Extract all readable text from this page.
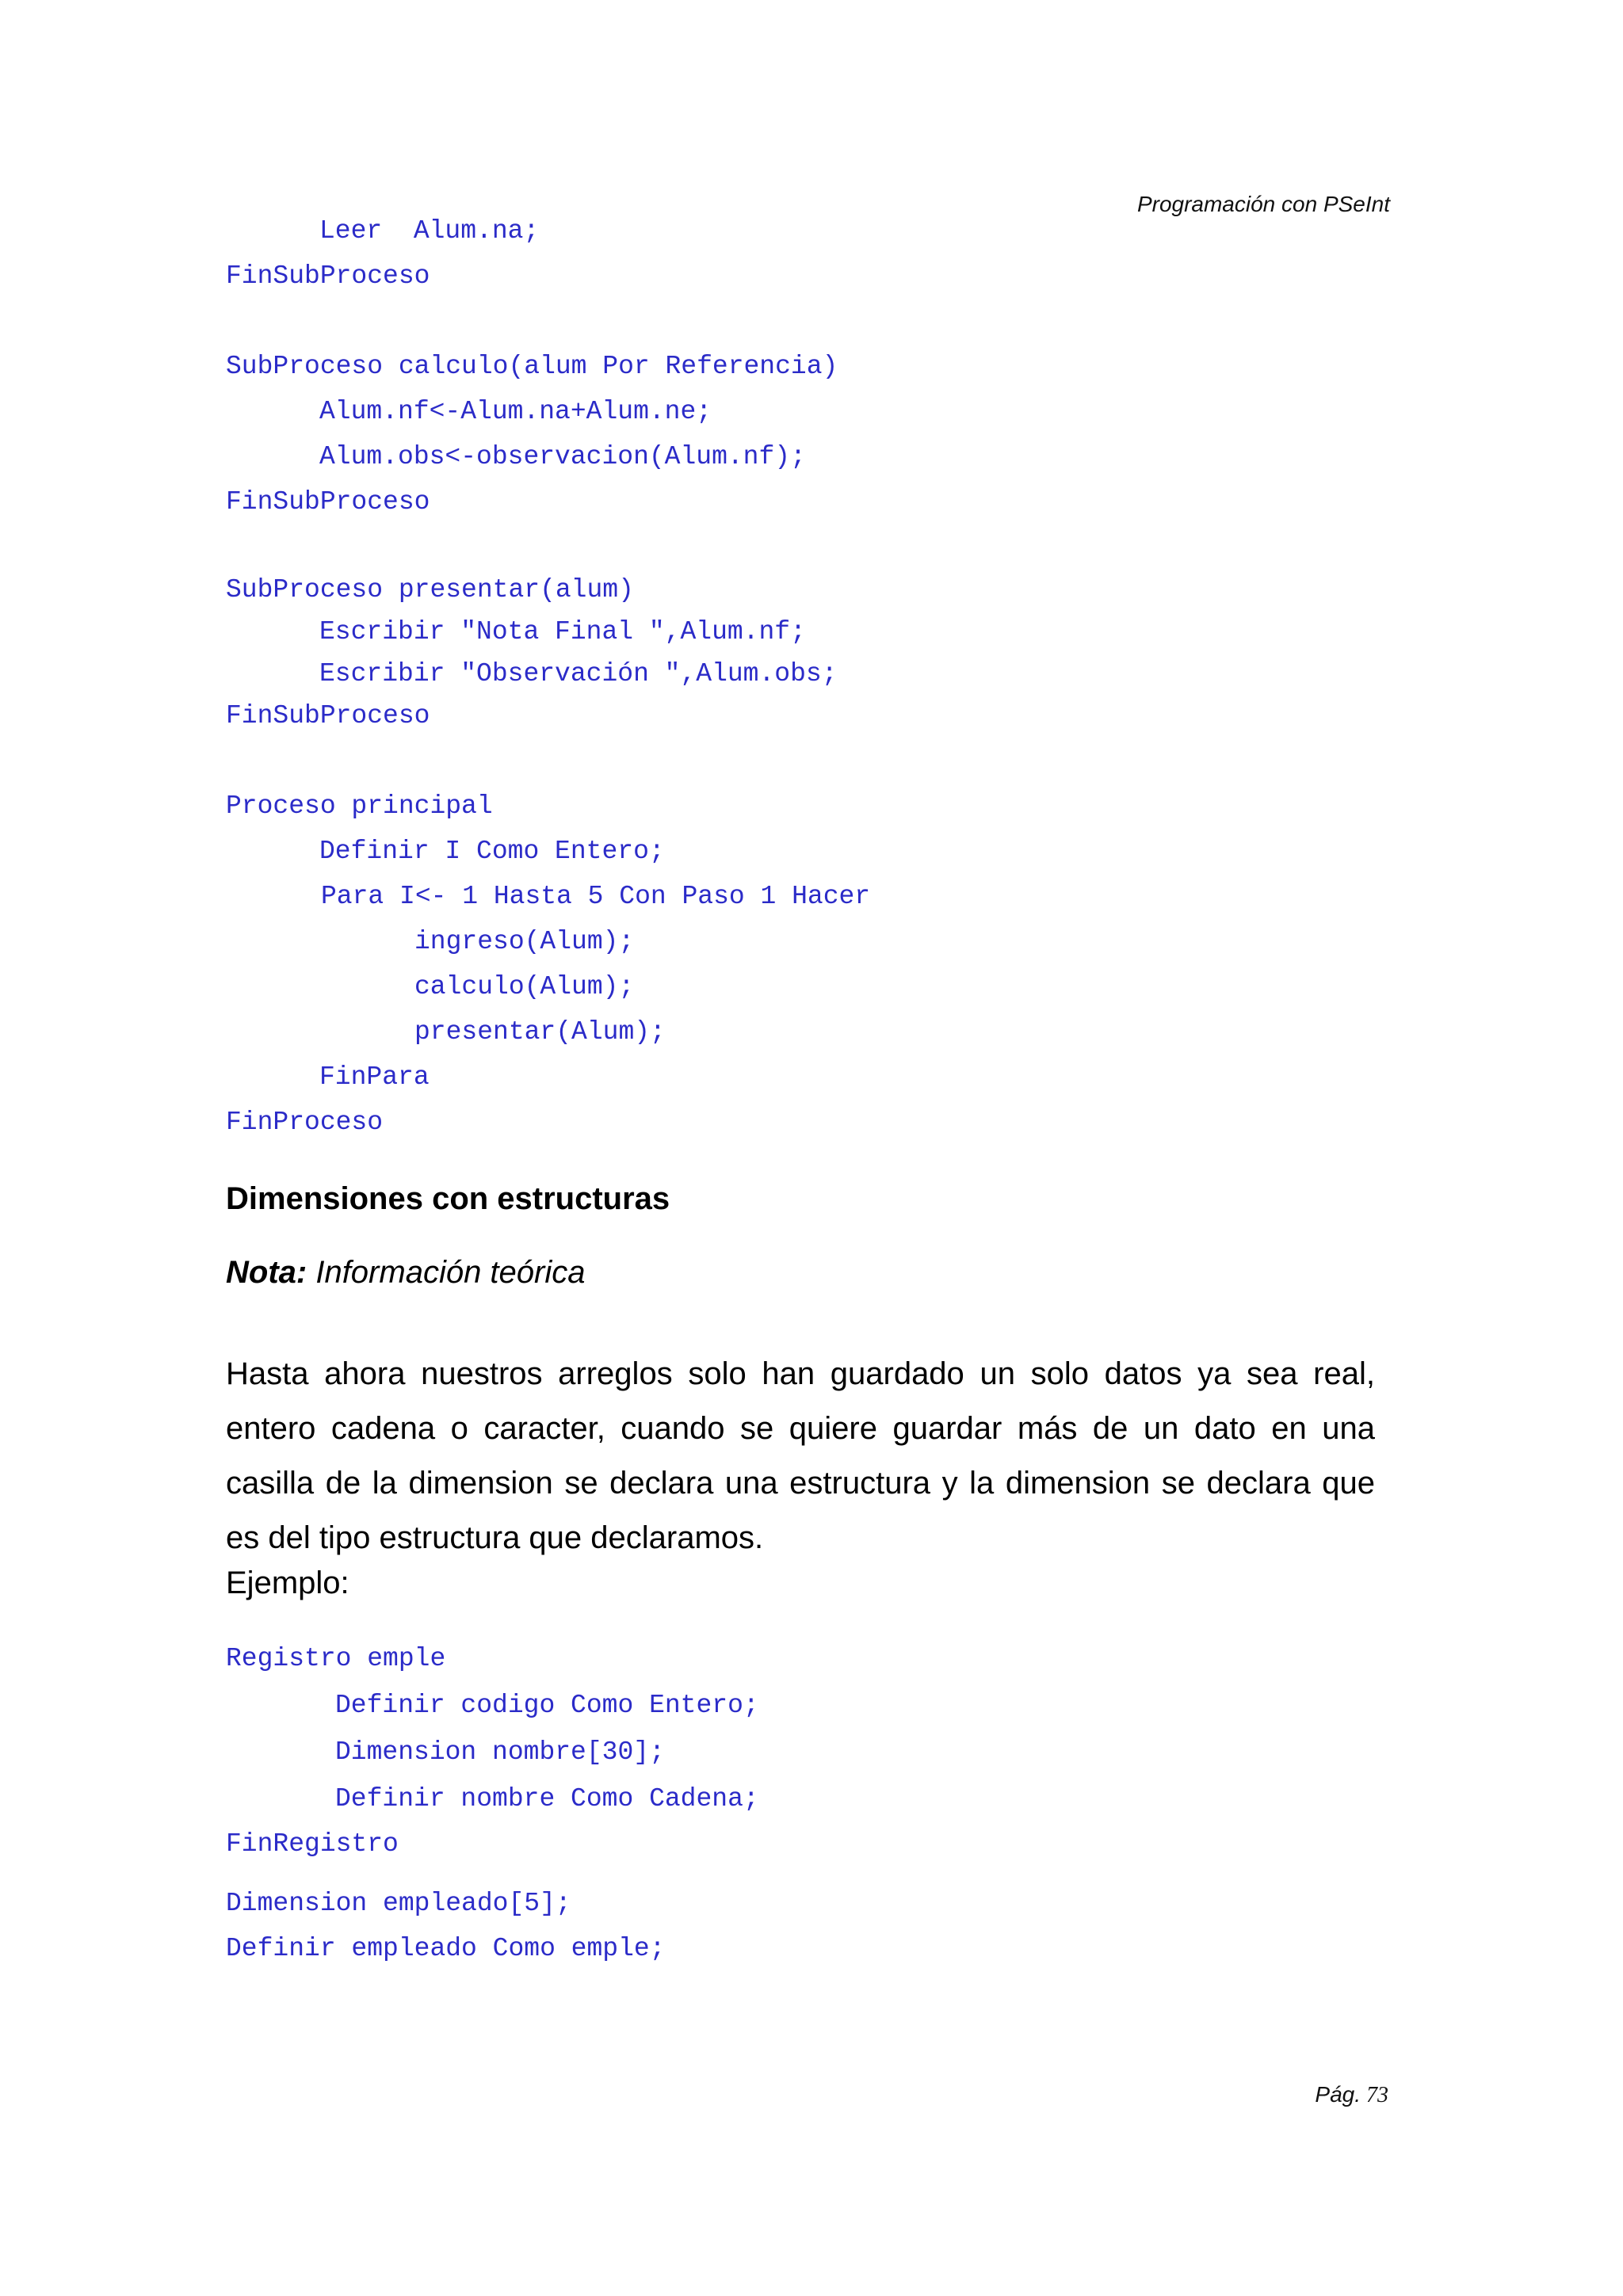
Programación con PSeInt

Leer  Alum.na;

FinSubProceso

SubProceso calculo(alum Por Referencia)

Alum.nf<-Alum.na+Alum.ne;

Alum.obs<-observacion(Alum.nf);

FinSubProceso

SubProceso presentar(alum)

Escribir "Nota Final ",Alum.nf;

Escribir "Observación ",Alum.obs;

FinSubProceso

Proceso principal

Definir I Como Entero;

Para I<- 1 Hasta 5 Con Paso 1 Hacer

ingreso(Alum);

calculo(Alum);

presentar(Alum);

FinPara

FinProceso

Dimensiones con estructuras
Nota: Información teórica
Hasta ahora nuestros arreglos solo han guardado un solo datos ya sea real, entero cadena o caracter, cuando se quiere guardar más de un dato en una casilla de la dimension se declara una estructura y la dimension se declara que es del tipo estructura que declaramos.
Ejemplo:

Registro emple

Definir codigo Como Entero;

Dimension nombre[30];

Definir nombre Como Cadena;

FinRegistro

Dimension empleado[5];

Definir empleado Como emple;

Pág. 73
